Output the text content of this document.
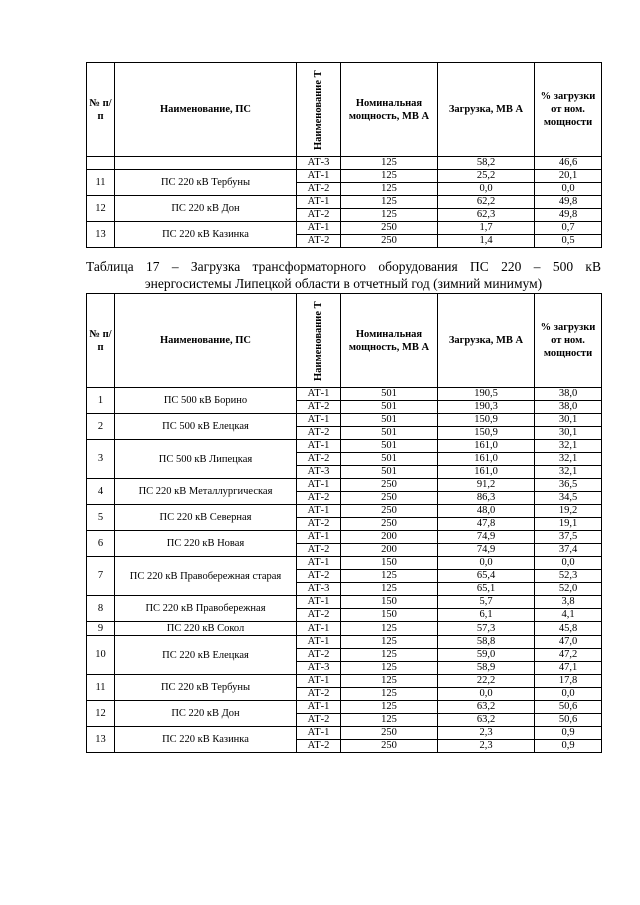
№ п/п	Наименование, ПС	Наименование Т	Номинальная мощность, МВ А	Загрузка, МВ А	% загрузки от ном. мощности
		АТ-3	125	58,2	46,6
11	ПС 220 кВ Тербуны	АТ-1	125	25,2	20,1
		АТ-2	125	0,0	0,0
12	ПС 220 кВ Дон	АТ-1	125	62,2	49,8
		АТ-2	125	62,3	49,8
13	ПС 220 кВ Казинка	АТ-1	250	1,7	0,7
		АТ-2	250	1,4	0,5
Таблица 17 – Загрузка трансформаторного оборудования ПС 220 – 500 кВ энергосистемы Липецкой области в отчетный год (зимний минимум)
№ п/п	Наименование, ПС	Наименование Т	Номинальная мощность, МВ А	Загрузка, МВ А	% загрузки от ном. мощности
1	ПС 500 кВ Борино	АТ-1	501	190,5	38,0
		АТ-2	501	190,3	38,0
2	ПС 500 кВ Елецкая	АТ-1	501	150,9	30,1
		АТ-2	501	150,9	30,1
3	ПС 500 кВ Липецкая	АТ-1	501	161,0	32,1
		АТ-2	501	161,0	32,1
		АТ-3	501	161,0	32,1
4	ПС 220 кВ Металлургическая	АТ-1	250	91,2	36,5
		АТ-2	250	86,3	34,5
5	ПС 220 кВ Северная	АТ-1	250	48,0	19,2
		АТ-2	250	47,8	19,1
6	ПС 220 кВ Новая	АТ-1	200	74,9	37,5
		АТ-2	200	74,9	37,4
7	ПС 220 кВ Правобережная старая	АТ-1	150	0,0	0,0
		АТ-2	125	65,4	52,3
		АТ-3	125	65,1	52,0
8	ПС 220 кВ Правобережная	АТ-1	150	5,7	3,8
		АТ-2	150	6,1	4,1
9	ПС 220 кВ Сокол	АТ-1	125	57,3	45,8
10	ПС 220 кВ Елецкая	АТ-1	125	58,8	47,0
		АТ-2	125	59,0	47,2
		АТ-3	125	58,9	47,1
11	ПС 220 кВ Тербуны	АТ-1	125	22,2	17,8
		АТ-2	125	0,0	0,0
12	ПС 220 кВ Дон	АТ-1	125	63,2	50,6
		АТ-2	125	63,2	50,6
13	ПС 220 кВ Казинка	АТ-1	250	2,3	0,9
		АТ-2	250	2,3	0,9
